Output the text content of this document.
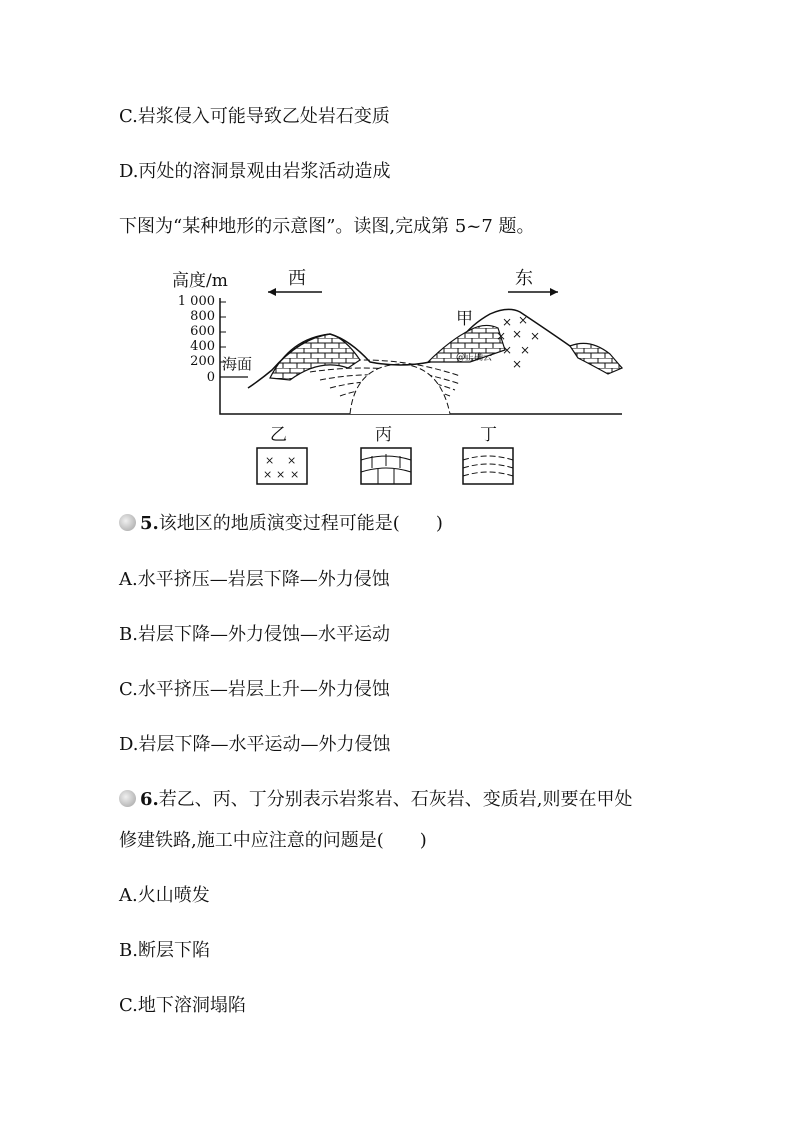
C.岩浆侵入可能导致乙处岩石变质
D.丙处的溶洞景观由岩浆活动造成
下图为“某种地形的示意图”。读图,完成第 5~7 题。
高度/m	西	东
1 000
800
600
400
200
0
海面
× ×
× × ×
× ×
×
甲
@正确云
乙	丙	丁
× ×
× × ×
5.该地区的地质演变过程可能是(　　)
A.水平挤压—岩层下降—外力侵蚀
B.岩层下降—外力侵蚀—水平运动
C.水平挤压—岩层上升—外力侵蚀
D.岩层下降—水平运动—外力侵蚀
6.若乙、丙、丁分别表示岩浆岩、石灰岩、变质岩,则要在甲处
修建铁路,施工中应注意的问题是(　　)
A.火山喷发
B.断层下陷
C.地下溶洞塌陷
